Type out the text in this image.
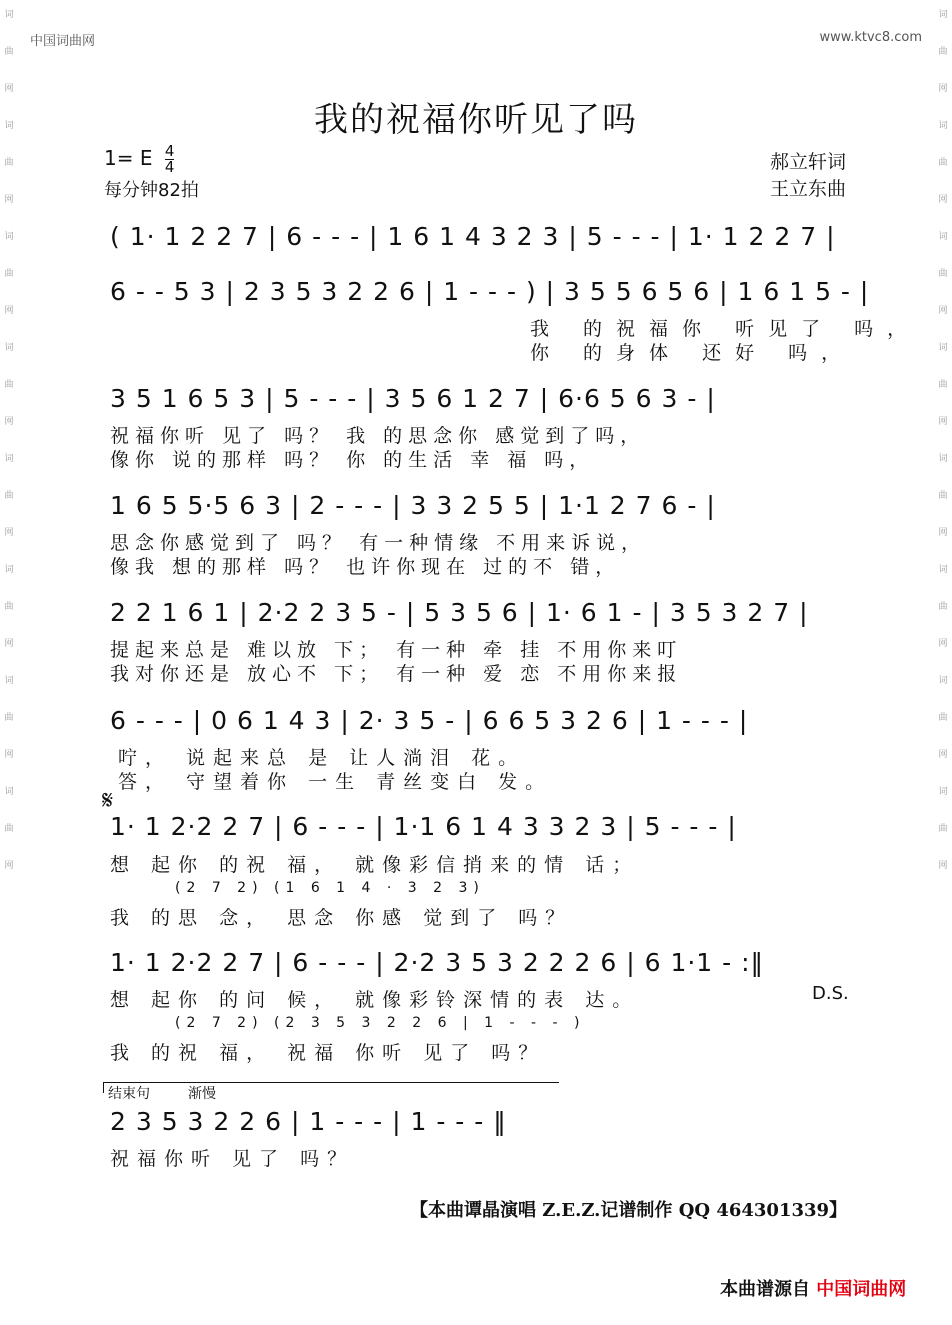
中国词曲网	www.ktvc8.com
词
曲
网
词
曲
网
词
曲
网
词
曲
网
词
曲
网
词
曲
网
词
曲
网
词
曲
网
词
曲
网
词
曲
网
词
曲
网
词
曲
网
词
曲
网
词
曲
网
词
曲
网
词
曲
网
我的祝福你听见了吗
1= E $\frac{4}{4}$
每分钟82拍
郝立轩词
王立东曲
( 1· 1 2 2 7 | 6 - - - | 1 6 1 4 3 2 3 | 5 - - - | 1· 1 2 2 7 |
6 - - 5 3 | 2 3 5 3 2 2 6 | 1 - - - ) | 3 5 5 6 5 6 | 1 6 1 5 - |
我 的祝福你 听见了 吗，
你 的身体 还好 吗，
3 5 1 6 5 3 | 5 - - - | 3 5 6 1 2 7 | 6·6 5 6 3 - |
祝福你听 见了 吗？ 我 的思念你 感觉到了吗，
像你 说的那样 吗？ 你 的生活 幸 福 吗，
1 6 5 5·5 6 3 | 2 - - - | 3 3 2 5 5 | 1·1 2 7 6 - |
思念你感觉到了 吗？ 有一种情缘 不用来诉说，
像我 想的那样 吗？ 也许你现在 过的不 错，
2 2 1 6 1 | 2·2 2 3 5 - | 5 3 5 6 | 1· 6 1 - | 3 5 3 2 7 |
提起来总是 难以放 下； 有一种 牵 挂 不用你来叮
我对你还是 放心不 下； 有一种 爱 恋 不用你来报
6 - - - | 0 6 1 4 3 | 2· 3 5 - | 6 6 5 3 2 6 | 1 - - - |
咛， 说起来总 是 让人淌泪 花。
答， 守望着你 一生 青丝变白 发。
𝄋
1· 1 2·2 2 7 | 6 - - - | 1·1 6 1 4 3 3 2 3 | 5 - - - |
想 起你 的祝 福， 就像彩信捎来的情 话；
(2 7 2) (1 6 1 4 · 3 2 3)
我 的思 念， 思念 你感 觉到了 吗？
1· 1 2·2 2 7 | 6 - - - | 2·2 3 5 3 2 2 2 6 | 6 1·1 - :‖
想 起你 的问 候， 就像彩铃深情的表 达。	D.S.
(2 7 2) (2 3 5 3 2 2 6 | 1 - - - )
我 的祝 福， 祝福 你听 见了 吗？
结束句	渐慢
2 3 5 3 2 2 6 | 1 - - - | 1 - - - ‖
祝福你听 见了 吗？
【本曲谭晶演唱 Z.E.Z.记谱制作 QQ 464301339】
本曲谱源自 中国词曲网
